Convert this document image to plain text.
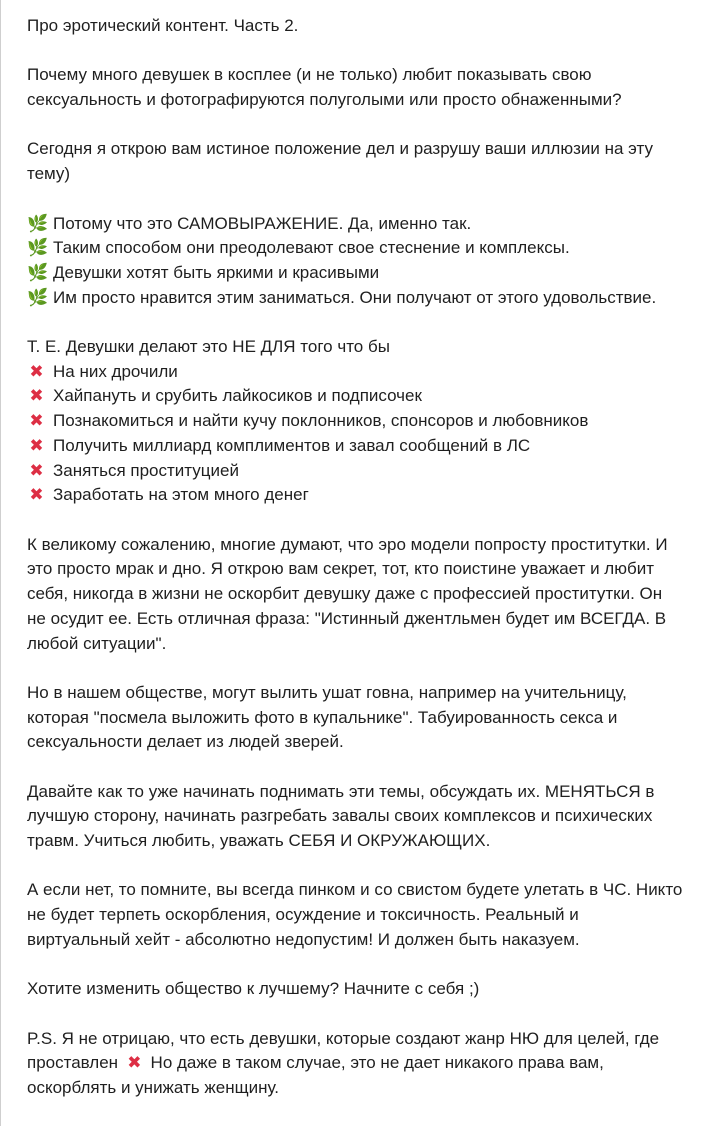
Про эротический контент. Часть 2.

Почему много девушек в косплее (и не только) любит показывать свою
сексуальность и фотографируются полуголыми или просто обнаженными?

Сегодня я открою вам истиное положение дел и разрушу ваши иллюзии на эту
тему)

🌿 Потому что это САМОВЫРАЖЕНИЕ. Да, именно так.
🌿 Таким способом они преодолевают свое стеснение и комплексы.
🌿 Девушки хотят быть яркими и красивыми
🌿 Им просто нравится этим заниматься. Они получают от этого удовольствие.
Т. Е. Девушки делают это НЕ ДЛЯ того что бы
✖ На них дрочили
✖ Хайпануть и срубить лайкосиков и подписочек
✖ Познакомиться и найти кучу поклонников, спонсоров и любовников
✖ Получить миллиард комплиментов и завал сообщений в ЛС
✖ Заняться проституцией
✖ Заработать на этом много денег

К великому сожалению, многие думают, что эро модели попросту проститутки. И
это просто мрак и дно. Я открою вам секрет, тот, кто поистине уважает и любит
себя, никогда в жизни не оскорбит девушку даже с профессией проститутки. Он
не осудит ее. Есть отличная фраза: "Истинный джентльмен будет им ВСЕГДА. В
любой ситуации".

Но в нашем обществе, могут вылить ушат говна, например на учительницу,
которая "посмела выложить фото в купальнике". Табуированность секса и
сексуальности делает из людей зверей.

Давайте как то уже начинать поднимать эти темы, обсуждать их. МЕНЯТЬСЯ в
лучшую сторону, начинать разгребать завалы своих комплексов и психических
травм. Учиться любить, уважать СЕБЯ И ОКРУЖАЮЩИХ.

А если нет, то помните, вы всегда пинком и со свистом будете улетать в ЧС. Никто
не будет терпеть оскорбления, осуждение и токсичность. Реальный и
виртуальный хейт - абсолютно недопустим! И должен быть наказуем.

Хотите изменить общество к лучшему? Начните с себя ;)

P.S. Я не отрицаю, что есть девушки, которые создают жанр НЮ для целей, где
проставлен ✖ Но даже в таком случае, это не дает никакого права вам,
оскорблять и унижать женщину.
